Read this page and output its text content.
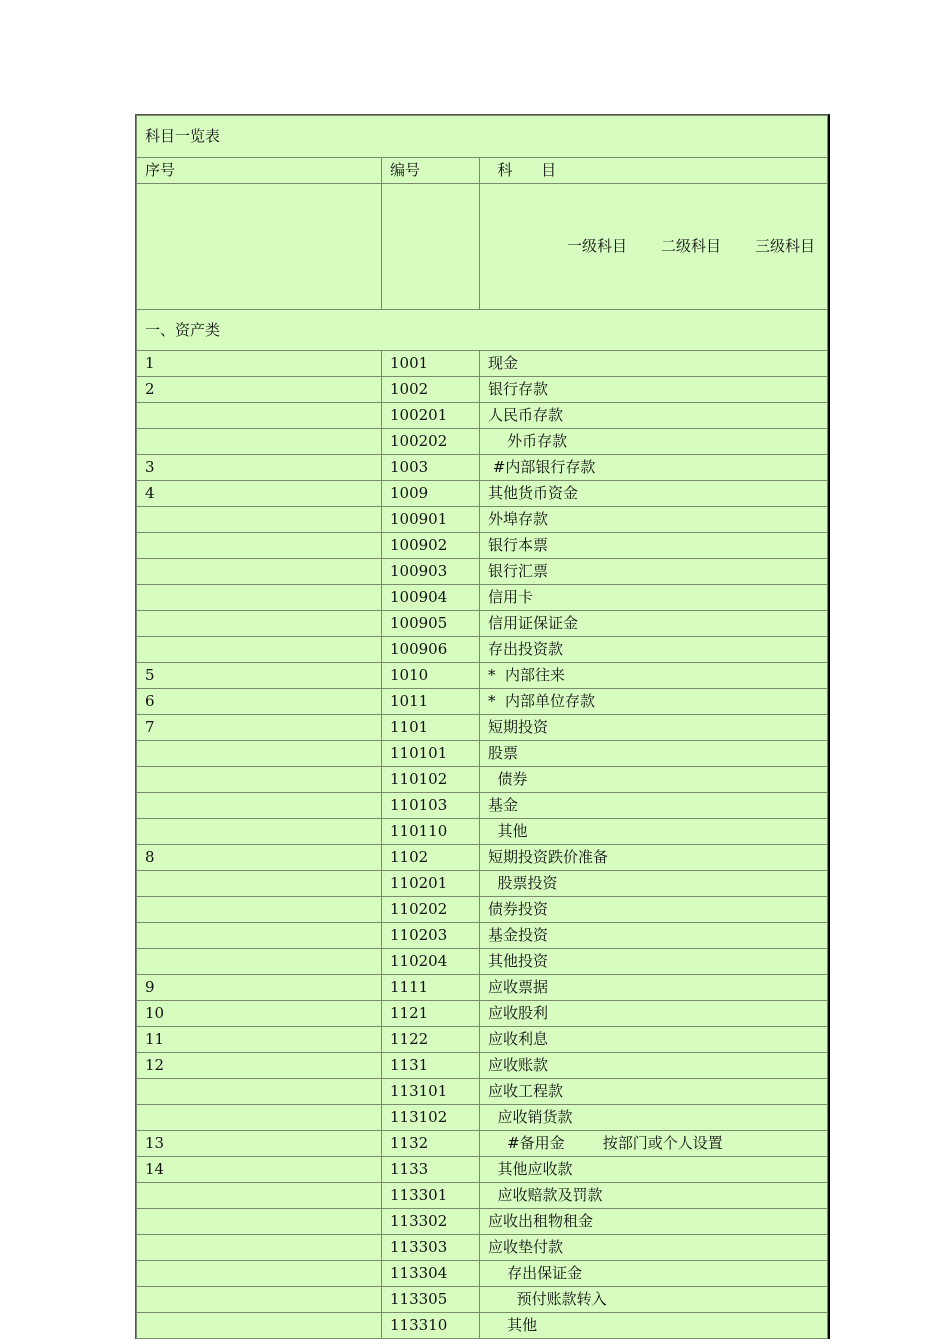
科目一览表		
序号	编号	科      目

		一级科目 二级科目 三级科目

一、资产类		
1	1001	现金
2	1002	银行存款
	100201	人民币存款
	100202	外币存款
3	1003	#内部银行存款
4	1009	其他货币资金
	100901	外埠存款
	100902	银行本票
	100903	银行汇票
	100904	信用卡
	100905	信用证保证金
	100906	存出投资款
5	1010	*  内部往来
6	1011	*  内部单位存款
7	1101	短期投资
	110101	股票
	110102	债券
	110103	基金
	110110	其他
8	1102	短期投资跌价准备
	110201	股票投资
	110202	债券投资
	110203	基金投资
	110204	其他投资
9	1111	应收票据
10	1121	应收股利
11	1122	应收利息
12	1131	应收账款
	113101	应收工程款
	113102	应收销货款
13	1132	#备用金        按部门或个人设置
14	1133	其他应收款
	113301	应收赔款及罚款
	113302	应收出租物租金
	113303	应收垫付款
	113304	存出保证金
	113305	预付账款转入
	113310	其他
